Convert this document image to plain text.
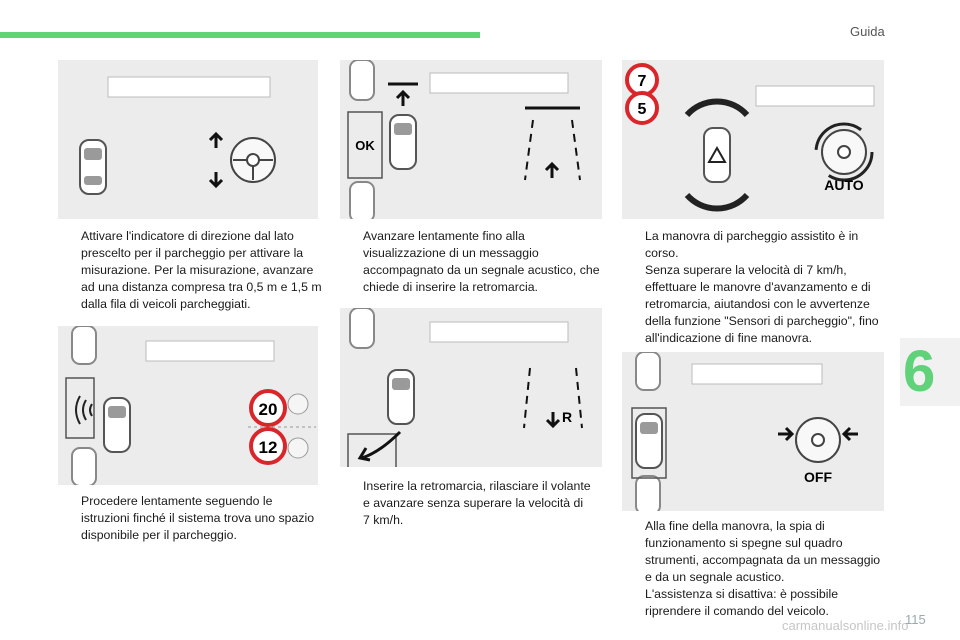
Guida
6
Attivare l'indicatore di direzione dal lato
prescelto per il parcheggio per attivare la
misurazione. Per la misurazione, avanzare
ad una distanza compresa tra 0,5 m e 1,5 m
dalla fila di veicoli parcheggiati.
20
12
Procedere lentamente seguendo le
istruzioni finché il sistema trova uno spazio
disponibile per il parcheggio.
OK
Avanzare lentamente fino alla
visualizzazione di un messaggio
accompagnato da un segnale acustico, che
chiede di inserire la retromarcia.
R
Inserire la retromarcia, rilasciare il volante
e avanzare senza superare la velocità di
7 km/h.
7
5
AUTO
La manovra di parcheggio assistito è in
corso.
Senza superare la velocità di 7 km/h,
effettuare le manovre d'avanzamento e di
retromarcia, aiutandosi con le avvertenze
della funzione "Sensori di parcheggio", fino
all'indicazione di fine manovra.
OFF
Alla fine della manovra, la spia di
funzionamento si spegne sul quadro
strumenti, accompagnata da un messaggio
e da un segnale acustico.
L'assistenza si disattiva: è possibile
riprendere il comando del veicolo.
carmanualsonline.info
115
